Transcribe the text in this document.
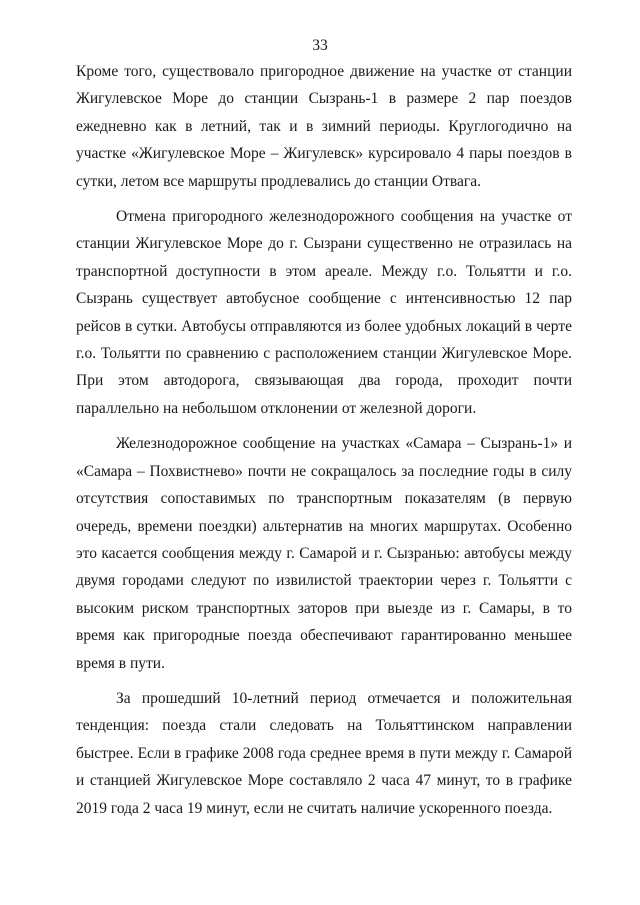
33

Кроме того, существовало пригородное движение на участке от станции Жигулевское Море до станции Сызрань-1 в размере 2 пар поездов ежедневно как в летний, так и в зимний периоды. Круглогодично на участке «Жигулевское Море – Жигулевск» курсировало 4 пары поездов в сутки, летом все маршруты продлевались до станции Отвага.

Отмена пригородного железнодорожного сообщения на участке от станции Жигулевское Море до г. Сызрани существенно не отразилась на транспортной доступности в этом ареале. Между г.о. Тольятти и г.о. Сызрань существует автобусное сообщение с интенсивностью 12 пар рейсов в сутки. Автобусы отправляются из более удобных локаций в черте г.о. Тольятти по сравнению с расположением станции Жигулевское Море. При этом автодорога, связывающая два города, проходит почти параллельно на небольшом отклонении от железной дороги.

Железнодорожное сообщение на участках «Самара – Сызрань-1» и «Самара – Похвистнево» почти не сокращалось за последние годы в силу отсутствия сопоставимых по транспортным показателям (в первую очередь, времени поездки) альтернатив на многих маршрутах. Особенно это касается сообщения между г. Самарой и г. Сызранью: автобусы между двумя городами следуют по извилистой траектории через г. Тольятти с высоким риском транспортных заторов при выезде из г. Самары, в то время как пригородные поезда обеспечивают гарантированно меньшее время в пути.

За прошедший 10-летний период отмечается и положительная тенденция: поезда стали следовать на Тольяттинском направлении быстрее. Если в графике 2008 года среднее время в пути между г. Самарой и станцией Жигулевское Море составляло 2 часа 47 минут, то в графике 2019 года 2 часа 19 минут, если не считать наличие ускоренного поезда.
